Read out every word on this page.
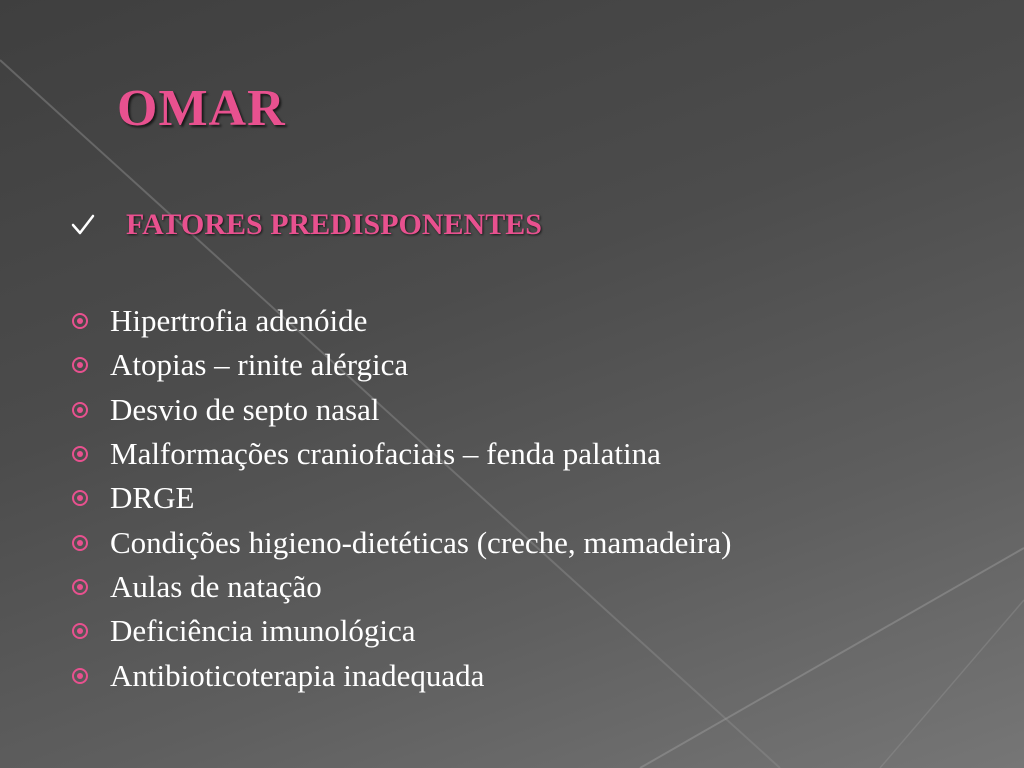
OMAR
FATORES PREDISPONENTES
Hipertrofia adenóide
Atopias – rinite alérgica
Desvio de septo nasal
Malformações craniofaciais – fenda palatina
DRGE
Condições higieno-dietéticas (creche, mamadeira)
Aulas de natação
Deficiência imunológica
Antibioticoterapia inadequada
